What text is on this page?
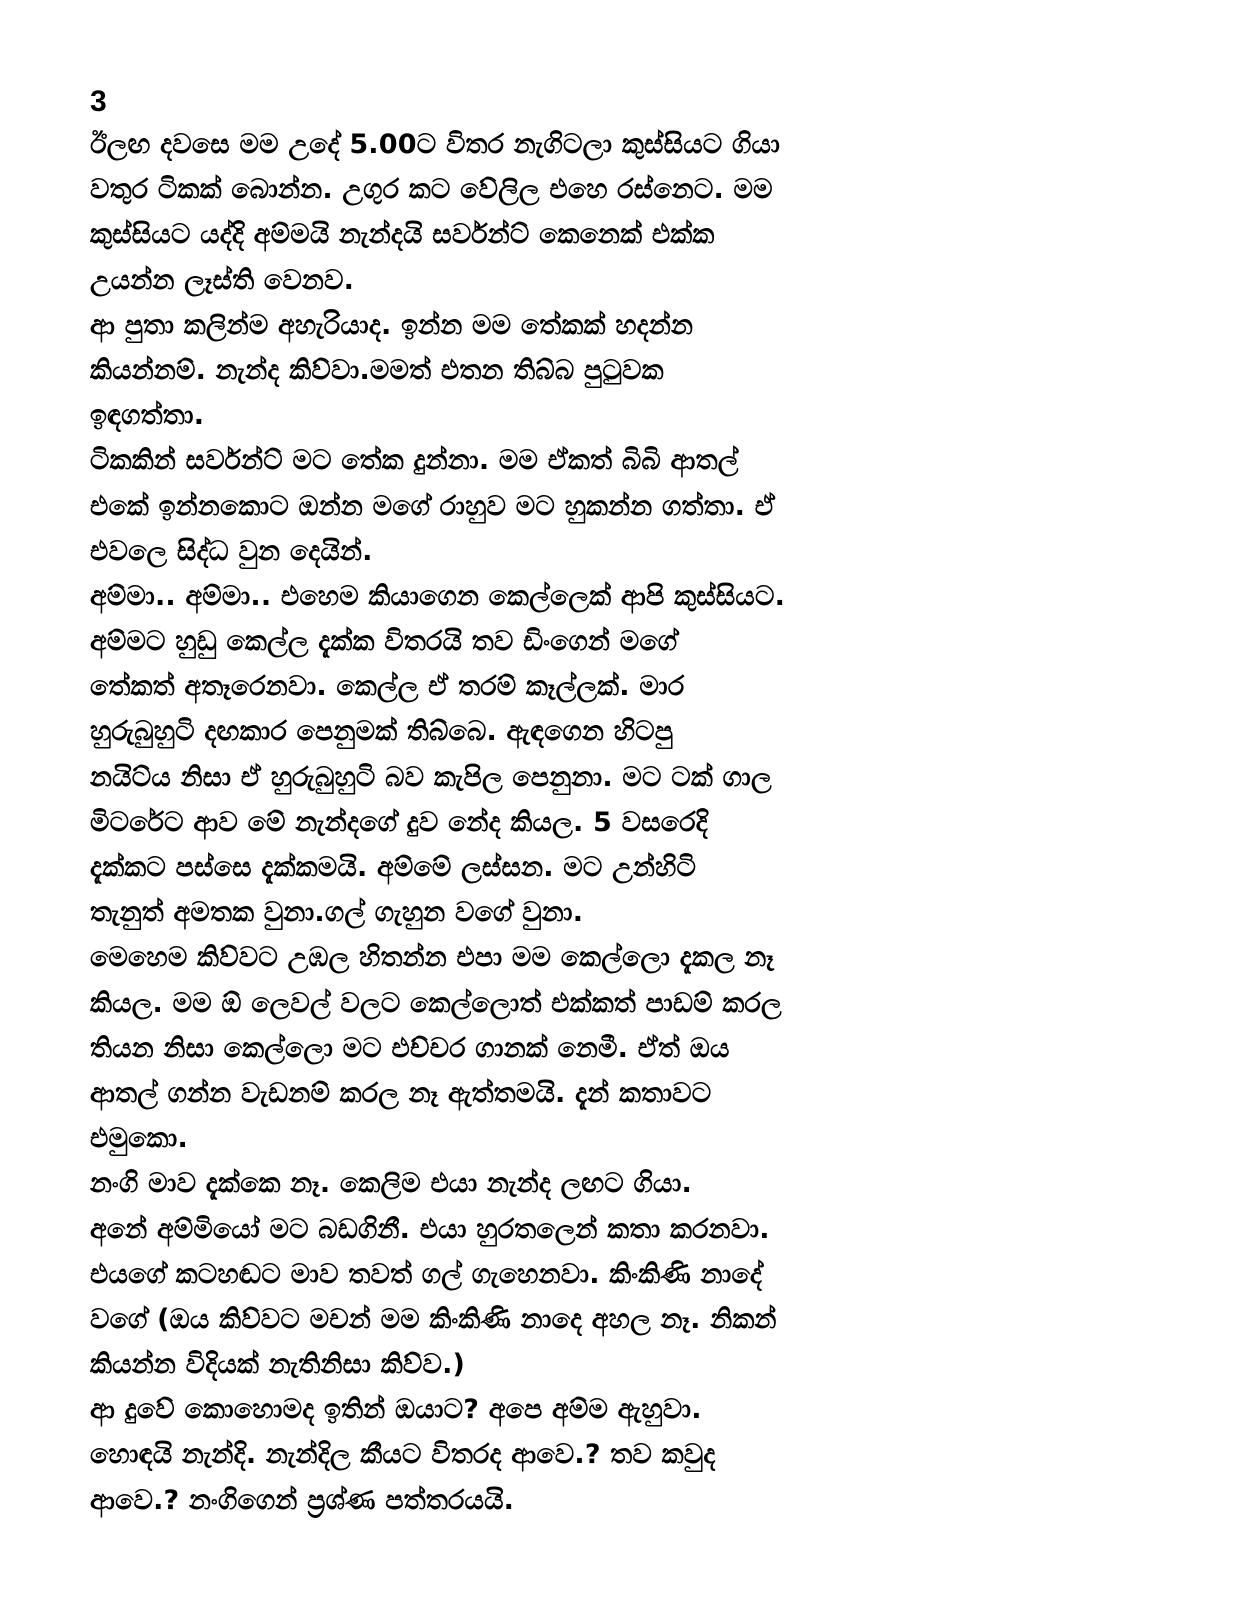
3
ඊලඟ දවසෙ මම උදේ 5.00ට විතර නැගිටලා කුස්සියට ගියා
වතුර ටිකක් බොන්න. උගුර කට වේලිල එහෙ රස්නෙට. මම
කුස්සියට යද්දි අම්මයි නැන්දයි සර්වන්ට් කෙනෙක් එක්ක
උයන්න ලෑස්ති වෙනව.
ආ පුතා කලින්ම අහැරියාද. ඉන්න මම තේකක් හදන්න
කියන්නම්. නැන්ද කිව්වා.මමත් එතන තිබ්බ පුටුවක
ඉඳගත්තා.
ටිකකින් සර්වන්ට් මට තේක දුන්නා. මම ඒකත් බිබි ආතල්
එකේ ඉන්නකොට ඔන්න මගේ රාහුව මට හුකන්න ගත්තා. ඒ
එවලෙ සිද්ධ වුන දෙයින්.
අම්මා.. අම්මා.. එහෙම කියාගෙන කෙල්ලෙක් ආපි කුස්සියට.
අම්මට හුඩු කෙල්ල දැක්ක විතරයි තව ඩිංගෙන් මගේ
තේකත් අතෑරෙනවා. කෙල්ල ඒ තරම් කෑල්ලක්. මාර
හුරුබුහුටි දඟකාර පෙනුමක් තිබ්බෙ. ඇඳගෙන හිටපු
නයිට්ය නිසා ඒ හුරුබුහුටි බව කැපිල පෙනුනා. මට ටක් ගාල
මිටරේට ආව මේ නැන්දගේ දුව නේද කියල. 5 වසරෙදි
දැක්කට පස්සෙ දැක්කමයි. අම්මේ ලස්සන. මට උන්හිටි
තැනුත් අමතක වුනා.ගල් ගැහුන වගේ වුනා.
මෙහෙම කිව්වට උඹල හිතන්න එපා මම කෙල්ලො දැකල නෑ
කියල. මම ඕ ලෙවල් වලට කෙල්ලොත් එක්කත් පාඩම් කරල
තියන නිසා කෙල්ලො මට එච්චර ගානක් නෙමී. ඒත් ඔය
ආතල් ගන්න වැඩනම් කරල නෑ ඇත්තමයි. දැන් කතාවට
එමුකො.
නංගි මාව දැක්කෙ නෑ. කෙලිම එයා නැන්ද ලඟට ගියා.
අනේ අම්මියෝ මට බඩගිනී. එයා හුරතලෙන් කතා කරනවා.
එයගේ කටහඬට මාව තවත් ගල් ගැහෙනවා. කිංකිණි නාදේ
වගේ (ඔය කිව්වට මචන් මම කිංකිණි නාදෙ අහල නෑ. නිකන්
කියන්න විදියක් නැතිනිසා කිව්ව.)
ආ දුවේ කොහොමද ඉතින් ඔයාට? අපෙ අම්ම ඇහුවා.
හොඳයි නැන්දි. නැන්දිල කීයට විතරද ආවෙ.? තව කවුද
ආවෙ.? නංගිගෙන් ප්‍රශ්ණ පත්තරයයි.
